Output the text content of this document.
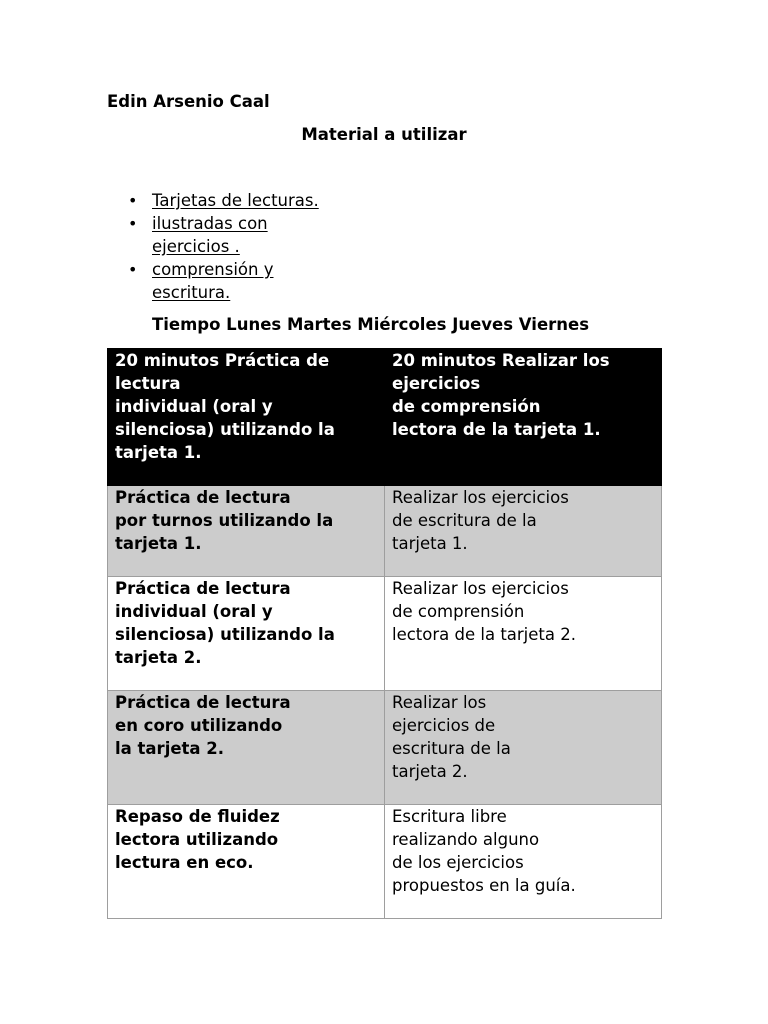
Edin Arsenio Caal

Material a utilizar

• Tarjetas de lecturas.
• ilustradas con ejercicios .
• comprensión y escritura.

Tiempo Lunes Martes Miércoles Jueves Viernes

20 minutos Práctica de
lectura
individual (oral y
silenciosa) utilizando la
tarjeta 1.	20 minutos Realizar los
ejercicios
de comprensión
lectora de la tarjeta 1.
Práctica de lectura
por turnos utilizando la
tarjeta 1.	Realizar los ejercicios
de escritura de la
tarjeta 1.
Práctica de lectura
individual (oral y
silenciosa) utilizando la
tarjeta 2.	Realizar los ejercicios
de comprensión
lectora de la tarjeta 2.
Práctica de lectura
en coro utilizando
la tarjeta 2.	Realizar los
ejercicios de
escritura de la
tarjeta 2.
Repaso de fluidez
lectora utilizando
lectura en eco.	Escritura libre
realizando alguno
de los ejercicios
propuestos en la guía.
